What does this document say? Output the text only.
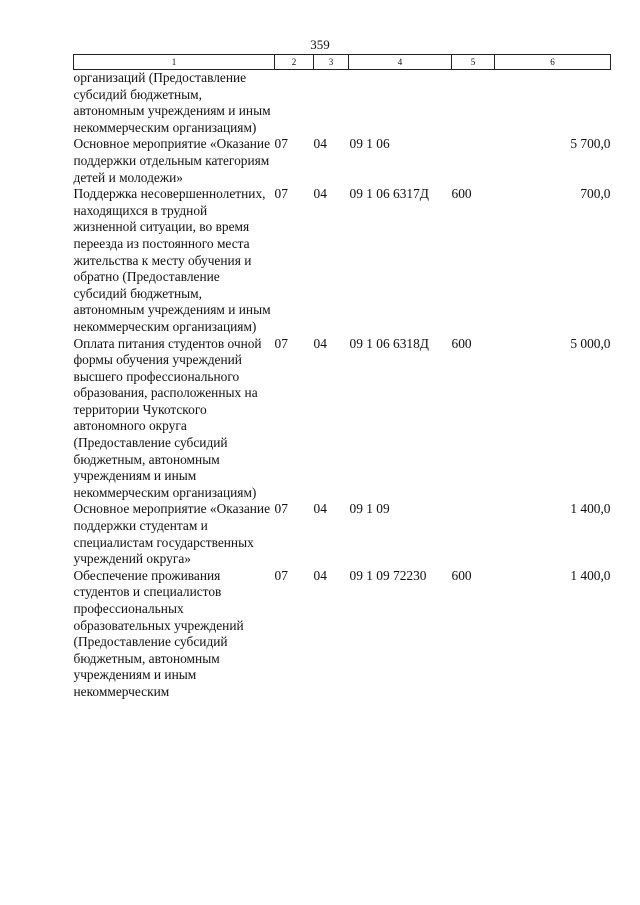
359
1	2	3	4	5	6
организаций (Предоставление субсидий бюджетным, автономным учрeждениям и иным некоммерческим организациям)					
Основное мероприятие «Оказание поддержки отдельным категориям детей и молодежи»	07	04	09 1 06		5 700,0
Поддержка несовершеннолетних, находящихся в трудной жизненной ситуации, во время переезда из постоянного места жительства к месту обучения и обратно (Предоставление субсидий бюджетным, автономным учреждениям и иным некоммерческим организациям)	07	04	09 1 06 6317Д	600	700,0
Оплата питания студентов очной формы обучения учреждений высшего профессионального образования, расположенных на территории Чукотского автономного округа (Предоставление субсидий бюджетным, автономным учреждениям и иным некоммерческим организациям)	07	04	09 1 06 6318Д	600	5 000,0
Основное мероприятие «Оказание поддержки студентам и специалистам государственных учреждений округа»	07	04	09 1 09		1 400,0
Обеспечение проживания студентов и специалистов профессиональных образовательных учреждений (Предоставление субсидий бюджетным, автономным учреждениям и иным некоммерческим	07	04	09 1 09 72230	600	1 400,0
